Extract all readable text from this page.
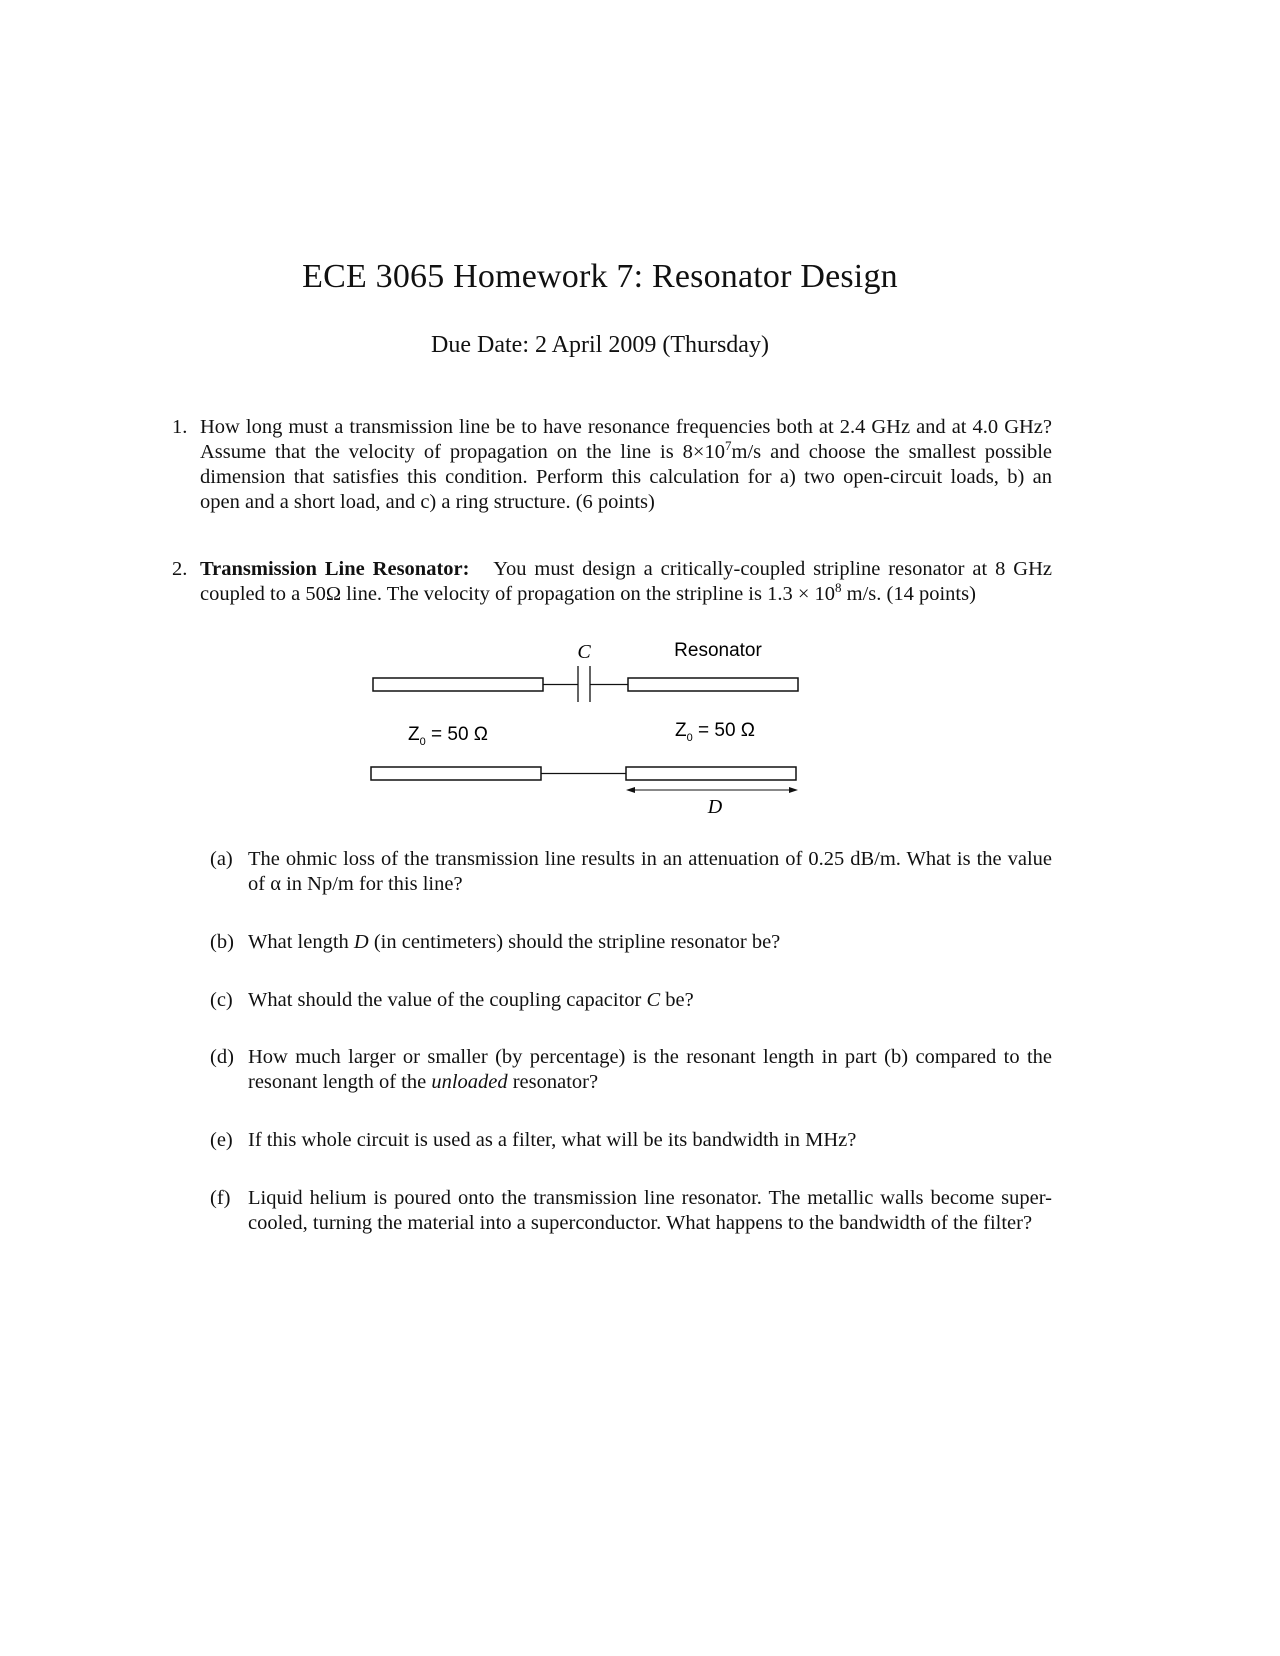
ECE 3065 Homework 7: Resonator Design
Due Date: 2 April 2009 (Thursday)
1. How long must a transmission line be to have resonance frequencies both at 2.4 GHz and at 4.0 GHz? Assume that the velocity of propagation on the line is $8\times 10^7m/s$ and choose the smallest possible dimension that satisfies this condition. Perform this calculation for a) two open-circuit loads, b) an open and a short load, and c) a ring structure. (6 points)
2. Transmission Line Resonator: You must design a critically-coupled stripline resonator at 8 GHz coupled to a 50Ω line. The velocity of propagation on the stripline is $1.3 \times 10^8$ m/s. (14 points)
C	Resonator
$Z_0 = 50$ Ω	$Z_0 = 50$ Ω
D
(a) The ohmic loss of the transmission line results in an attenuation of 0.25 dB/m. What is the value of α in Np/m for this line?
(b) What length D (in centimeters) should the stripline resonator be?
(c) What should the value of the coupling capacitor C be?
(d) How much larger or smaller (by percentage) is the resonant length in part (b) compared to the resonant length of the unloaded resonator?
(e) If this whole circuit is used as a filter, what will be its bandwidth in MHz?
(f) Liquid helium is poured onto the transmission line resonator. The metallic walls become super-cooled, turning the material into a superconductor. What happens to the bandwidth of the filter?
